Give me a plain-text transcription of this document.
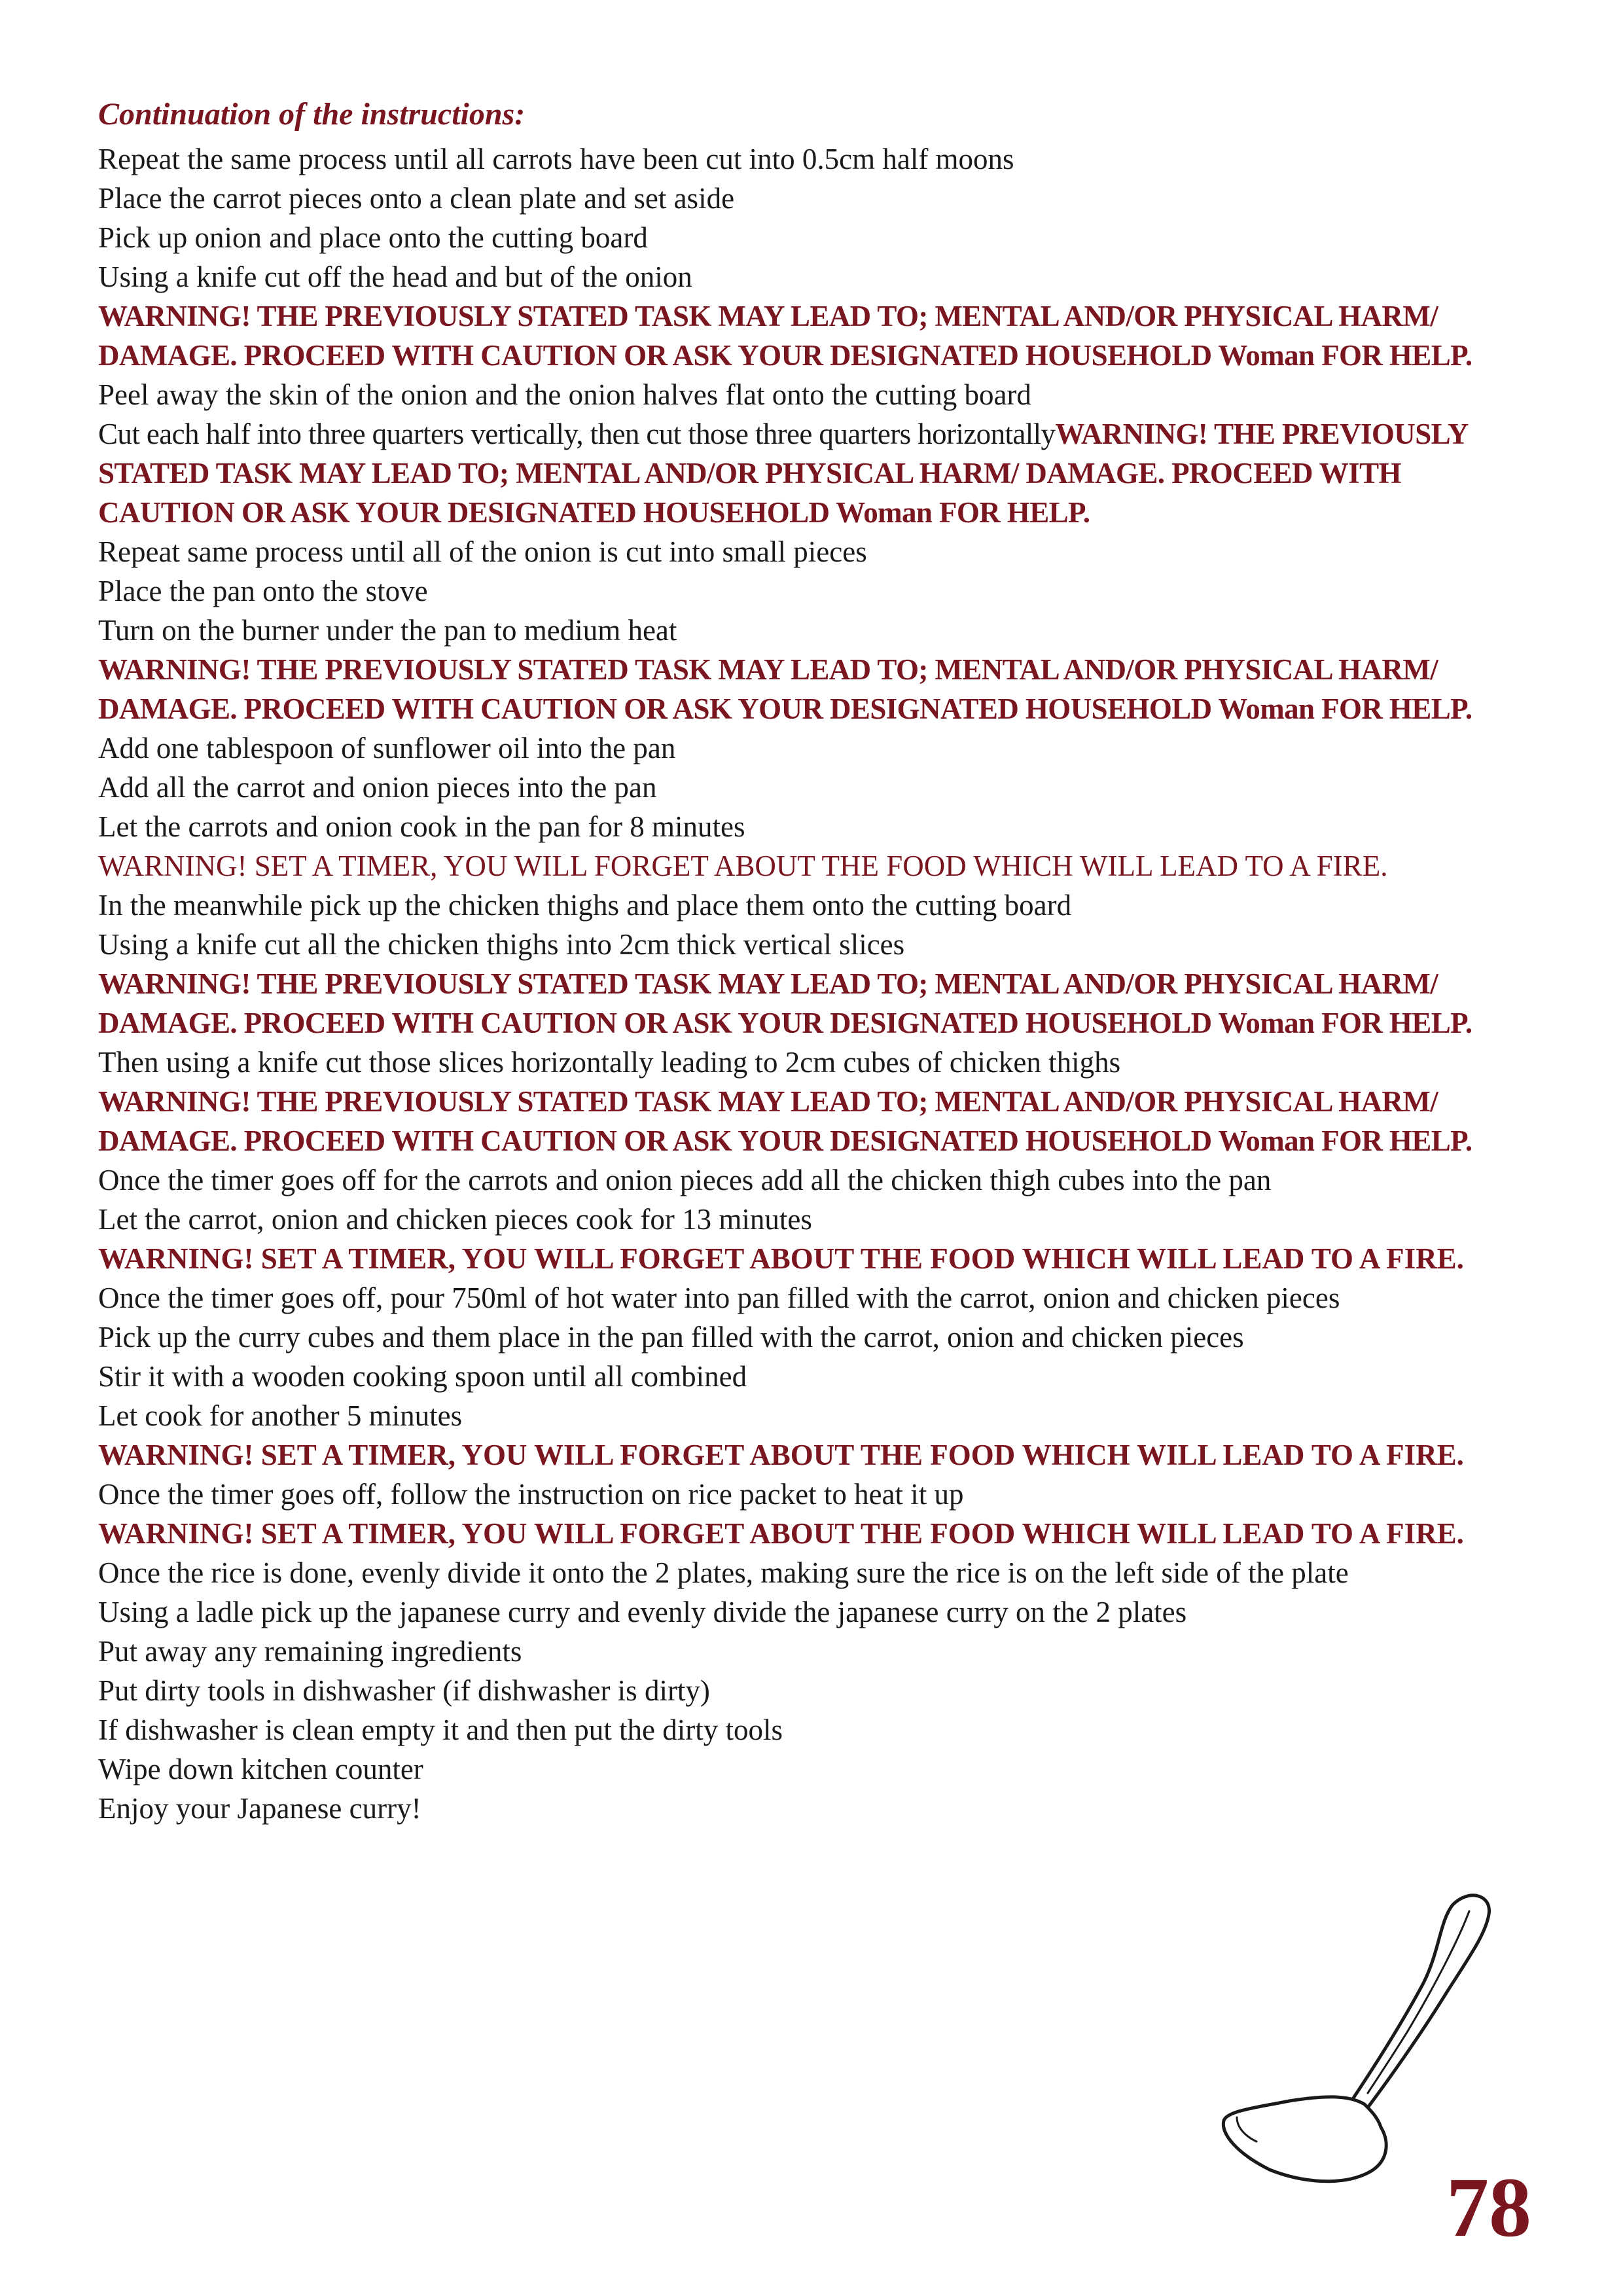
Continuation of the instructions:
Repeat the same process until all carrots have been cut into 0.5cm half moons
Place the carrot pieces onto a clean plate and set aside
Pick up onion and place onto the cutting board
Using a knife cut off the head and but of the onion
WARNING! THE PREVIOUSLY STATED TASK MAY LEAD TO; MENTAL AND/OR PHYSICAL HARM/ DAMAGE. PROCEED WITH CAUTION OR ASK YOUR DESIGNATED HOUSEHOLD Woman FOR HELP.
Peel away the skin of the onion and the onion halves flat onto the cutting board
Cut each half into three quarters vertically, then cut those three quarters horizontallyWARNING! THE PREVIOUSLY STATED TASK MAY LEAD TO; MENTAL AND/OR PHYSICAL HARM/ DAMAGE. PROCEED WITH CAUTION OR ASK YOUR DESIGNATED HOUSEHOLD Woman FOR HELP.
Repeat same process until all of the onion is cut into small pieces
Place the pan onto the stove
Turn on the burner under the pan to medium heat
WARNING! THE PREVIOUSLY STATED TASK MAY LEAD TO; MENTAL AND/OR PHYSICAL HARM/ DAMAGE. PROCEED WITH CAUTION OR ASK YOUR DESIGNATED HOUSEHOLD Woman FOR HELP.
Add one tablespoon of sunflower oil into the pan
Add all the carrot and onion pieces into the pan
Let the carrots and onion cook in the pan for 8 minutes
WARNING! SET A TIMER, YOU WILL FORGET ABOUT THE FOOD WHICH WILL LEAD TO A FIRE.
In the meanwhile pick up the chicken thighs and place them onto the cutting board
Using a knife cut all the chicken thighs into 2cm thick vertical slices
WARNING! THE PREVIOUSLY STATED TASK MAY LEAD TO; MENTAL AND/OR PHYSICAL HARM/ DAMAGE. PROCEED WITH CAUTION OR ASK YOUR DESIGNATED HOUSEHOLD Woman FOR HELP.
Then using a knife cut those slices horizontally leading to 2cm cubes of chicken thighs
WARNING! THE PREVIOUSLY STATED TASK MAY LEAD TO; MENTAL AND/OR PHYSICAL HARM/ DAMAGE. PROCEED WITH CAUTION OR ASK YOUR DESIGNATED HOUSEHOLD Woman FOR HELP.
Once the timer goes off for the carrots and onion pieces add all the chicken thigh cubes into the pan
Let the carrot, onion and chicken pieces cook for 13 minutes
WARNING! SET A TIMER, YOU WILL FORGET ABOUT THE FOOD WHICH WILL LEAD TO A FIRE.
Once the timer goes off, pour 750ml of hot water into pan filled with the carrot, onion and chicken pieces
Pick up the curry cubes and them place in the pan filled with the carrot, onion and chicken pieces
Stir it with a wooden cooking spoon until all combined
Let cook for another 5 minutes
WARNING! SET A TIMER, YOU WILL FORGET ABOUT THE FOOD WHICH WILL LEAD TO A FIRE.
Once the timer goes off, follow the instruction on rice packet to heat it up
WARNING! SET A TIMER, YOU WILL FORGET ABOUT THE FOOD WHICH WILL LEAD TO A FIRE.
Once the rice is done, evenly divide it onto the 2 plates, making sure the rice is on the left side of the plate
Using a ladle pick up the japanese curry and evenly divide the japanese curry on the 2 plates
Put away any remaining ingredients
Put dirty tools in dishwasher (if dishwasher is dirty)
If dishwasher is clean empty it and then put the dirty tools
Wipe down kitchen counter
Enjoy your Japanese curry!
78
